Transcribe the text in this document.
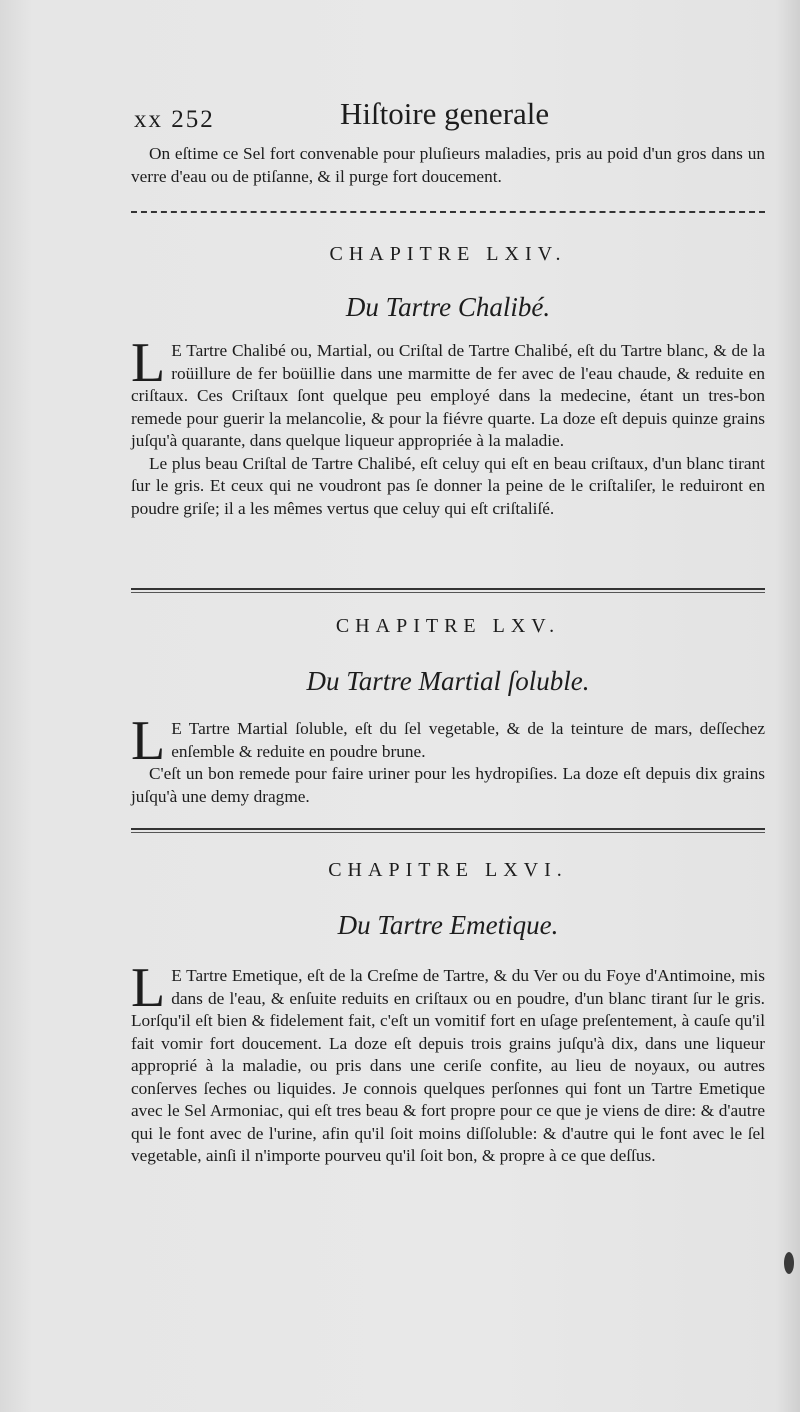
xx 252	Hiſtoire generale

On eſtime ce Sel fort convenable pour pluſieurs maladies, pris au poid d'un gros dans un verre d'eau ou de ptiſanne, & il purge fort doucement.

CHAPITRE LXIV.
Du Tartre Chalibé.

L E Tartre Chalibé ou, Martial, ou Criſtal de Tartre Chalibé, eſt du Tartre blanc, & de la roüillure de fer boüillie dans une marmitte de fer avec de l'eau chaude, & reduite en criſtaux. Ces Criſtaux ſont quelque peu employé dans la medecine, étant un tres-bon remede pour guerir la melancolie, & pour la fiévre quarte. La doze eſt depuis quinze grains juſqu'à quarante, dans quelque liqueur appropriée à la maladie.

Le plus beau Criſtal de Tartre Chalibé, eſt celuy qui eſt en beau criſtaux, d'un blanc tirant ſur le gris. Et ceux qui ne voudront pas ſe donner la peine de le criſtaliſer, le reduiront en poudre griſe; il a les mêmes vertus que celuy qui eſt criſtaliſé.

CHAPITRE LXV.
Du Tartre Martial ſoluble.

L E Tartre Martial ſoluble, eſt du ſel vegetable, & de la teinture de mars, deſſechez enſemble & reduite en poudre brune.

C'eſt un bon remede pour faire uriner pour les hydropiſies. La doze eſt depuis dix grains juſqu'à une demy dragme.

CHAPITRE LXVI.
Du Tartre Emetique.

L E Tartre Emetique, eſt de la Creſme de Tartre, & du Ver ou du Foye d'Antimoine, mis dans de l'eau, & enſuite reduits en criſtaux ou en poudre, d'un blanc tirant ſur le gris. Lorſqu'il eſt bien & fidelement fait, c'eſt un vomitif fort en uſage preſentement, à cauſe qu'il fait vomir fort doucement. La doze eſt depuis trois grains juſqu'à dix, dans une liqueur approprié à la maladie, ou pris dans une ceriſe confite, au lieu de noyaux, ou autres conſerves ſeches ou liquides. Je connois quelques perſonnes qui font un Tartre Emetique avec le Sel Armoniac, qui eſt tres beau & fort propre pour ce que je viens de dire: & d'autre qui le font avec de l'urine, afin qu'il ſoit moins diſſoluble: & d'autre qui le font avec le ſel vegetable, ainſi il n'importe pourveu qu'il ſoit bon, & propre à ce que deſſus.
